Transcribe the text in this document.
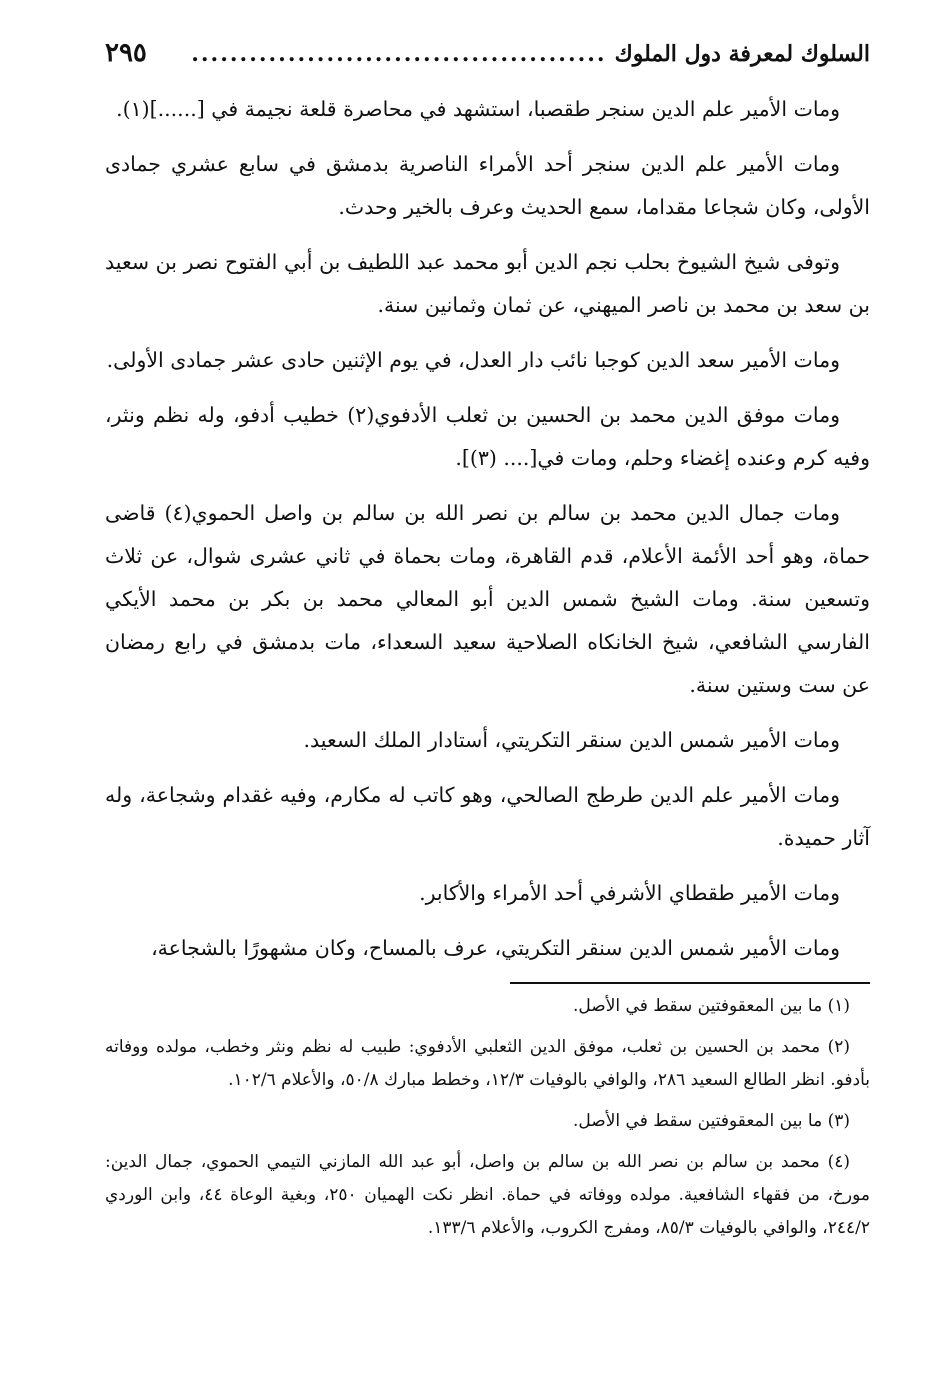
السلوك لمعرفة دول الملوك
...........................................
٢٩٥

ومات الأمير علم الدين سنجر طقصبا، استشهد في محاصرة قلعة نجيمة في [......](١).

ومات الأمير علم الدين سنجر أحد الأمراء الناصرية بدمشق في سابع عشري جمادى الأولى، وكان شجاعا مقداما، سمع الحديث وعرف بالخير وحدث.

وتوفى شيخ الشيوخ بحلب نجم الدين أبو محمد عبد اللطيف بن أبي الفتوح نصر بن سعيد بن سعد بن محمد بن ناصر الميهني، عن ثمان وثمانين سنة.

ومات الأمير سعد الدين كوجبا نائب دار العدل، في يوم الإثنين حادى عشر جمادى الأولى.

ومات موفق الدين محمد بن الحسين بن ثعلب الأدفوي(٢) خطيب أدفو، وله نظم ونثر، وفيه كرم وعنده إغضاء وحلم، ومات في[.... (٣)].

ومات جمال الدين محمد بن سالم بن نصر الله بن سالم بن واصل الحموي(٤) قاضى حماة، وهو أحد الأئمة الأعلام، قدم القاهرة، ومات بحماة في ثاني عشرى شوال، عن ثلاث وتسعين سنة. ومات الشيخ شمس الدين أبو المعالي محمد بن بكر بن محمد الأيكي الفارسي الشافعي، شيخ الخانكاه الصلاحية سعيد السعداء، مات بدمشق في رابع رمضان عن ست وستين سنة.

ومات الأمير شمس الدين سنقر التكريتي، أستادار الملك السعيد.

ومات الأمير علم الدين طرطج الصالحي، وهو كاتب له مكارم، وفيه غقدام وشجاعة، وله آثار حميدة.

ومات الأمير طقطاي الأشرفي أحد الأمراء والأكابر.

ومات الأمير شمس الدين سنقر التكريتي، عرف بالمساح، وكان مشهورًا بالشجاعة،

(١) ما بين المعقوفتين سقط في الأصل.

(٢) محمد بن الحسين بن ثعلب، موفق الدين الثعلبي الأدفوي: طبيب له نظم ونثر وخطب، مولده ووفاته بأدفو. انظر الطالع السعيد ٢٨٦، والوافي بالوفيات ١٢/٣، وخطط مبارك ٥٠/٨، والأعلام ١٠٢/٦.

(٣) ما بين المعقوفتين سقط في الأصل.

(٤) محمد بن سالم بن نصر الله بن سالم بن واصل، أبو عبد الله المازني التيمي الحموي، جمال الدين: مورخ، من فقهاء الشافعية. مولده ووفاته في حماة. انظر نكت الهميان ٢٥٠، وبغية الوعاة ٤٤، وابن الوردي ٢٤٤/٢، والوافي بالوفيات ٨٥/٣، ومفرج الكروب، والأعلام ١٣٣/٦.
